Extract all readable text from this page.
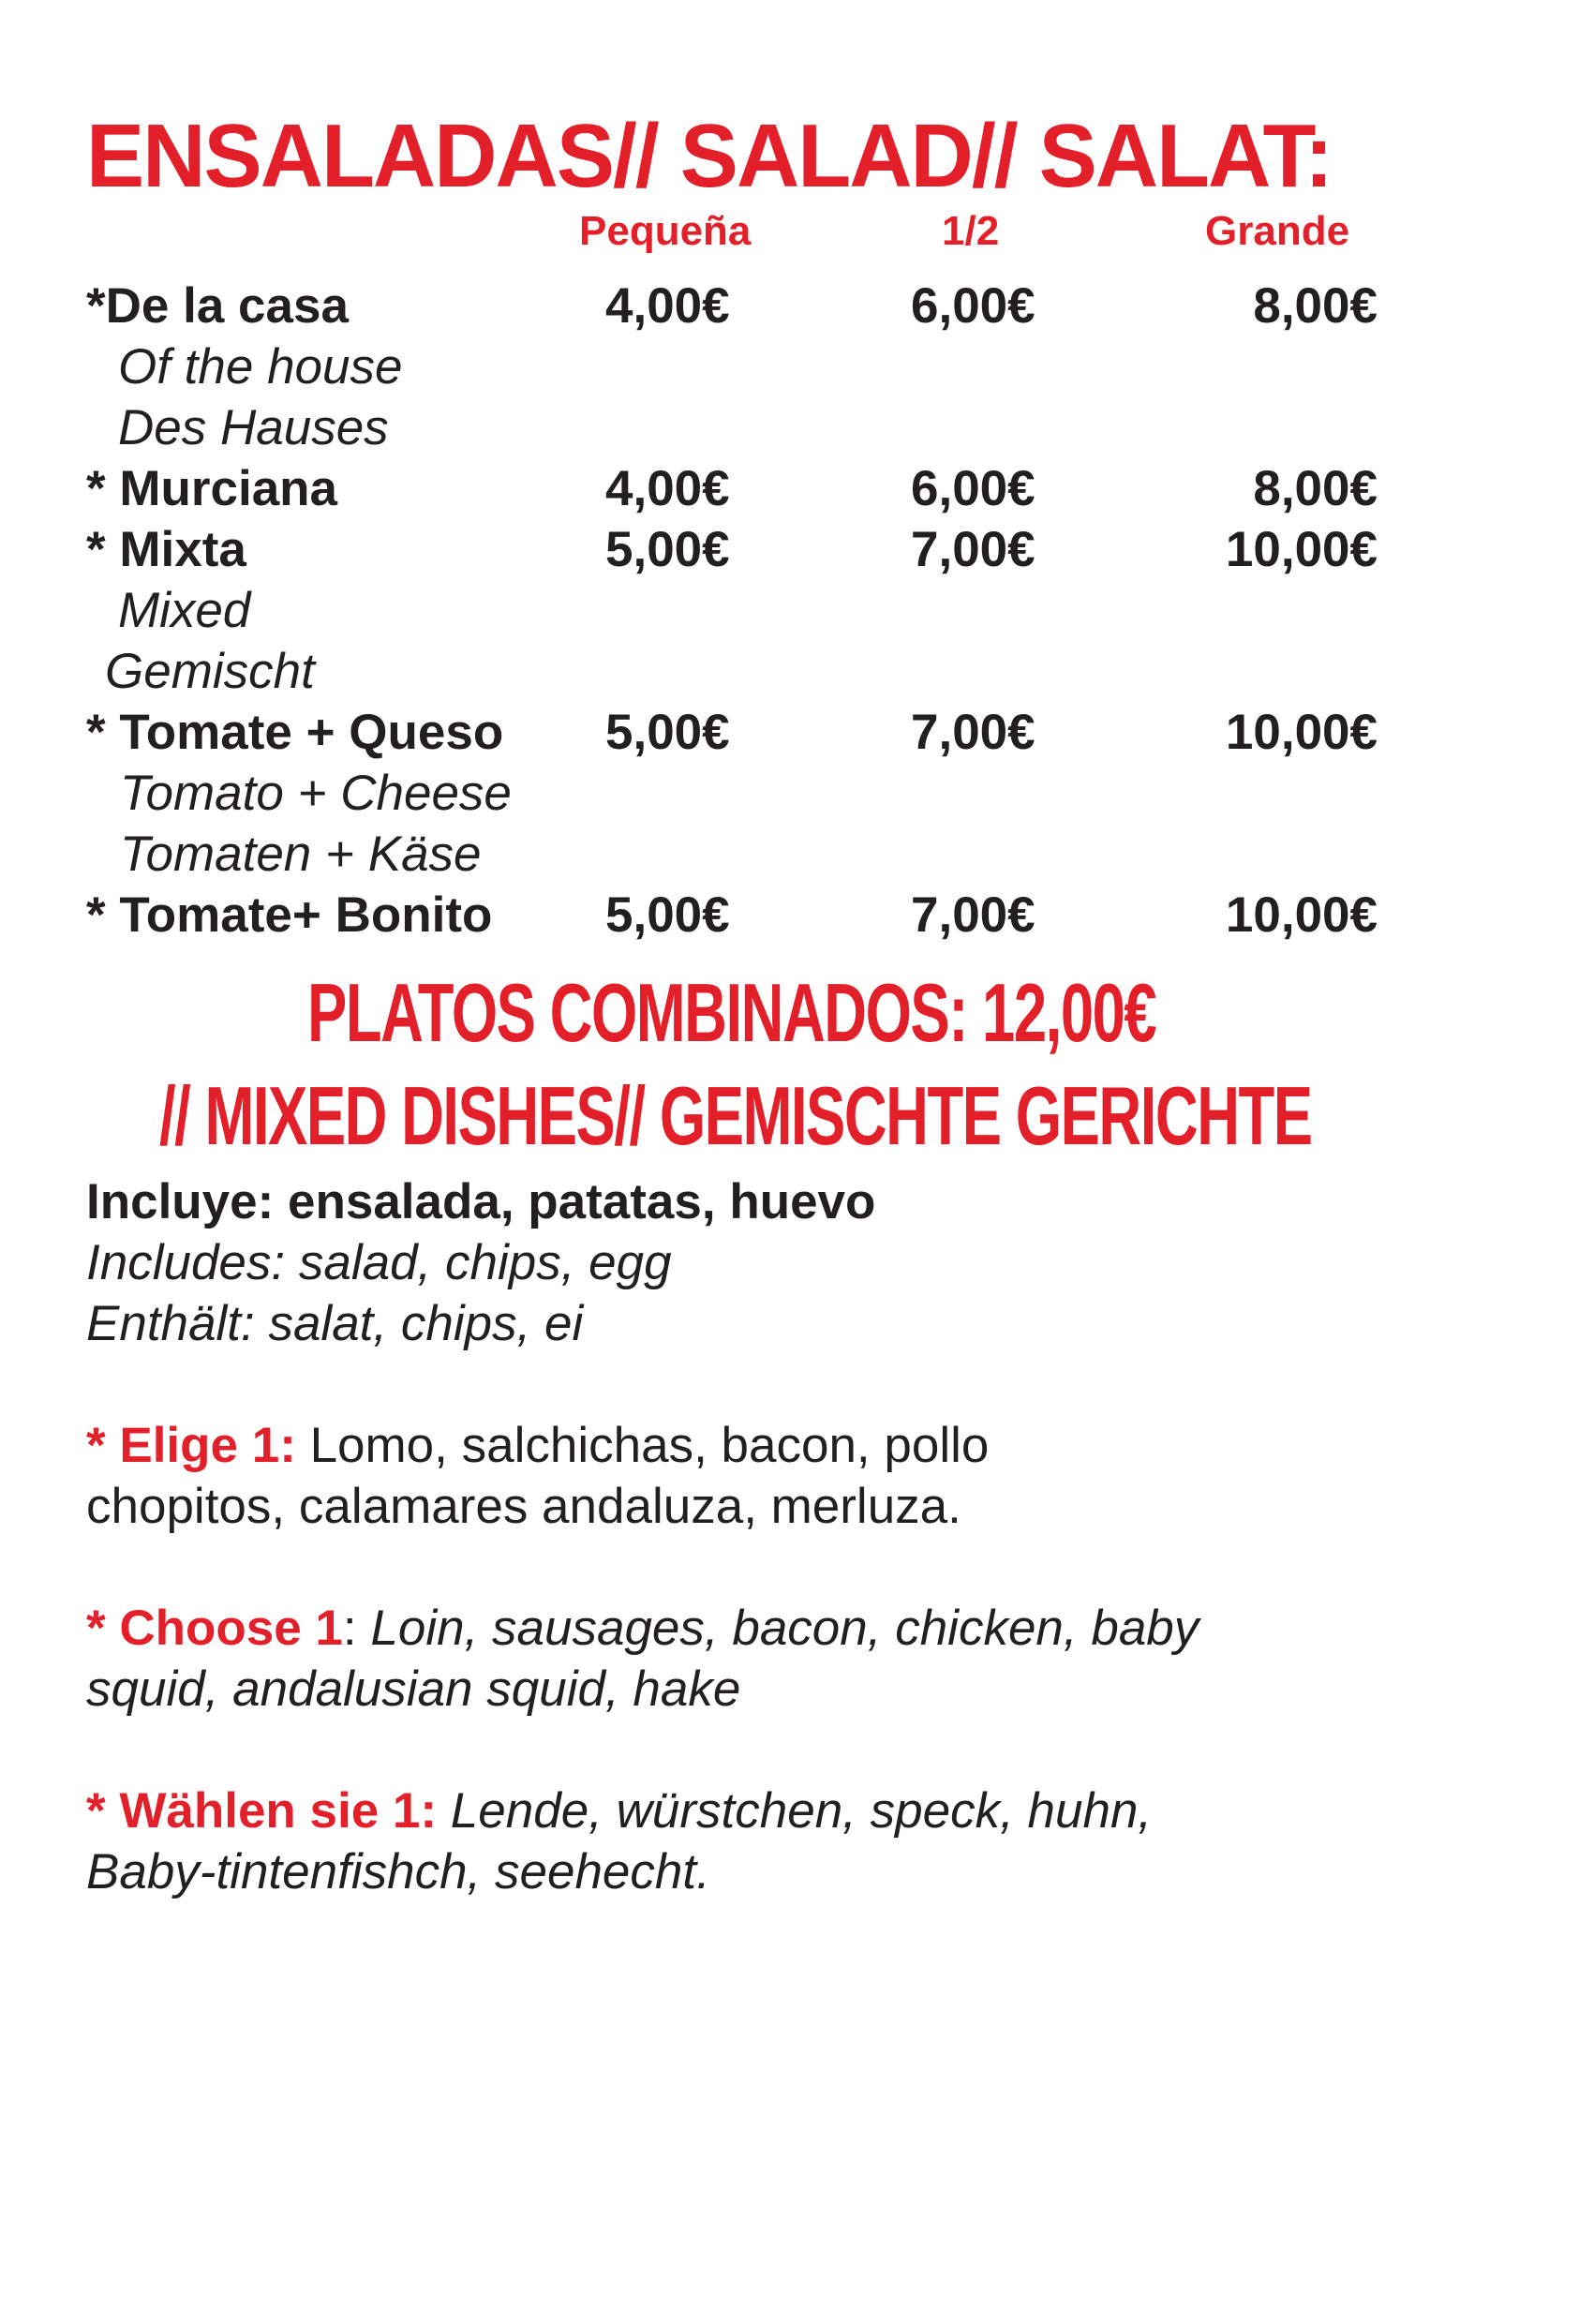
ENSALADAS// SALAD// SALAT:
Pequeña	1/2	Grande
*De la casa	4,00€	6,00€	8,00€
Of the house
Des Hauses
* Murciana	4,00€	6,00€	8,00€
* Mixta	5,00€	7,00€	10,00€
Mixed
Gemischt
* Tomate + Queso 5,00€	7,00€	10,00€
Tomato + Cheese
Tomaten + Käse
* Tomate+ Bonito 5,00€	7,00€	10,00€
PLATOS COMBINADOS: 12,00€
// MIXED DISHES// GEMISCHTE GERICHTE
Incluye: ensalada, patatas, huevo
Includes: salad, chips, egg
Enthält: salat, chips, ei
* Elige 1: Lomo, salchichas, bacon, pollo
chopitos, calamares andaluza, merluza.
* Choose 1: Loin, sausages, bacon, chicken, baby
squid, andalusian squid, hake
* Wählen sie 1: Lende, würstchen, speck, huhn,
Baby-tintenfishch, seehecht.
